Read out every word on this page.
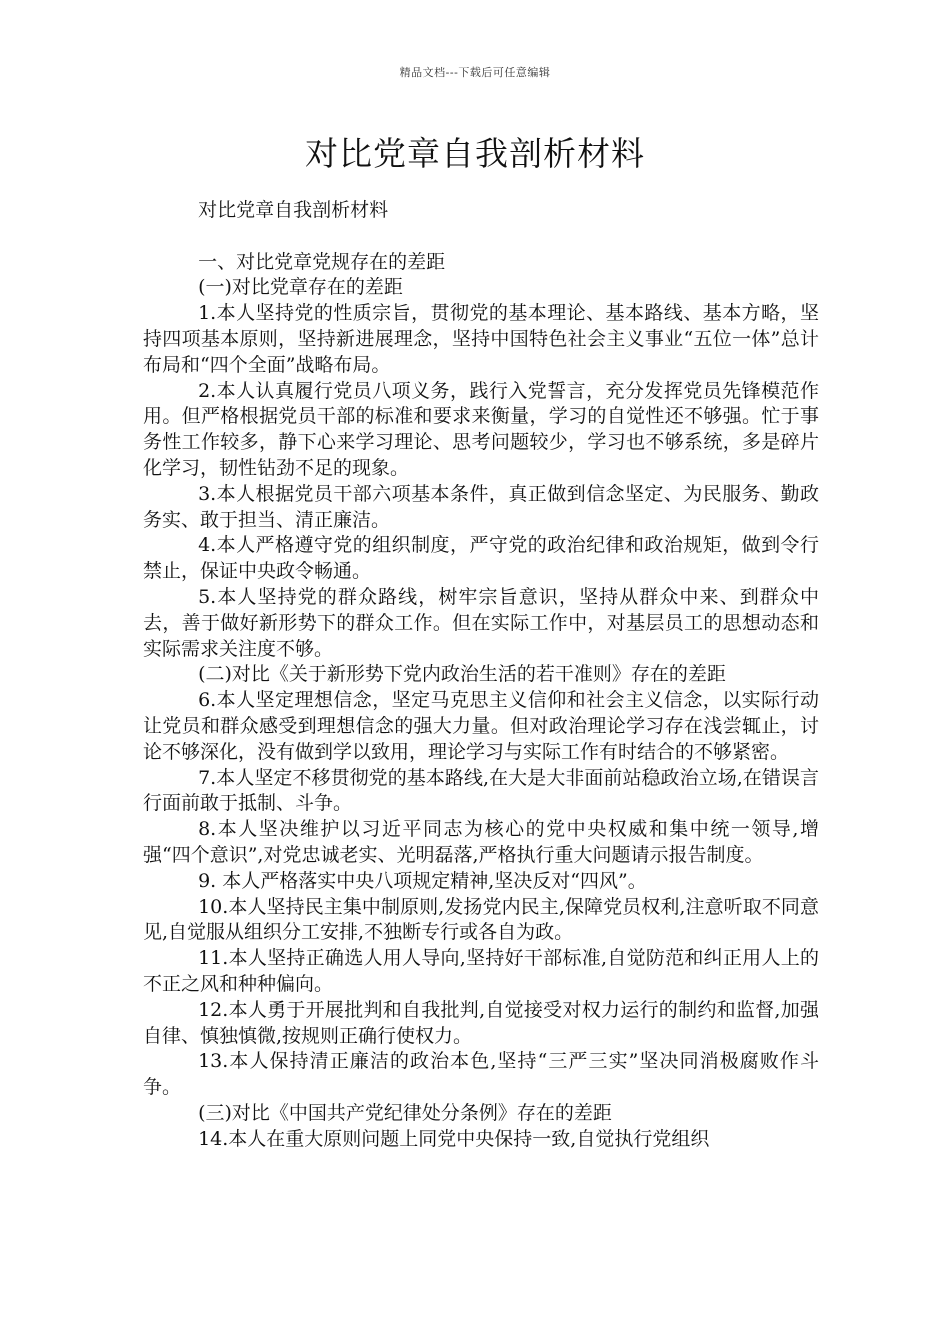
精品文档---下载后可任意编辑
对比党章自我剖析材料

对比党章自我剖析材料

一、对比党章党规存在的差距

(一)对比党章存在的差距

1.本人坚持党的性质宗旨，贯彻党的基本理论、基本路线、基本方略，坚持四项基本原则，坚持新进展理念，坚持中国特色社会主义事业“五位一体”总计布局和“四个全面”战略布局。

2.本人认真履行党员八项义务，践行入党誓言，充分发挥党员先锋模范作用。但严格根据党员干部的标准和要求来衡量，学习的自觉性还不够强。忙于事务性工作较多，静下心来学习理论、思考问题较少，学习也不够系统，多是碎片化学习，韧性钻劲不足的现象。

3.本人根据党员干部六项基本条件，真正做到信念坚定、为民服务、勤政务实、敢于担当、清正廉洁。

4.本人严格遵守党的组织制度，严守党的政治纪律和政治规矩，做到令行禁止，保证中央政令畅通。

5.本人坚持党的群众路线，树牢宗旨意识，坚持从群众中来、到群众中去，善于做好新形势下的群众工作。但在实际工作中，对基层员工的思想动态和实际需求关注度不够。

(二)对比《关于新形势下党内政治生活的若干准则》存在的差距

6.本人坚定理想信念，坚定马克思主义信仰和社会主义信念，以实际行动让党员和群众感受到理想信念的强大力量。但对政治理论学习存在浅尝辄止，讨论不够深化，没有做到学以致用，理论学习与实际工作有时结合的不够紧密。

7.本人坚定不移贯彻党的基本路线,在大是大非面前站稳政治立场,在错误言行面前敢于抵制、斗争。

8.本人坚决维护以习近平同志为核心的党中央权威和集中统一领导,增强“四个意识”,对党忠诚老实、光明磊落,严格执行重大问题请示报告制度。

9. 本人严格落实中央八项规定精神,坚决反对“四风”。

10.本人坚持民主集中制原则,发扬党内民主,保障党员权利,注意听取不同意见,自觉服从组织分工安排,不独断专行或各自为政。

11.本人坚持正确选人用人导向,坚持好干部标准,自觉防范和纠正用人上的不正之风和种种偏向。

12.本人勇于开展批判和自我批判,自觉接受对权力运行的制约和监督,加强自律、慎独慎微,按规则正确行使权力。

13.本人保持清正廉洁的政治本色,坚持“三严三实”坚决同消极腐败作斗争。

(三)对比《中国共产党纪律处分条例》存在的差距

14.本人在重大原则问题上同党中央保持一致,自觉执行党组织
